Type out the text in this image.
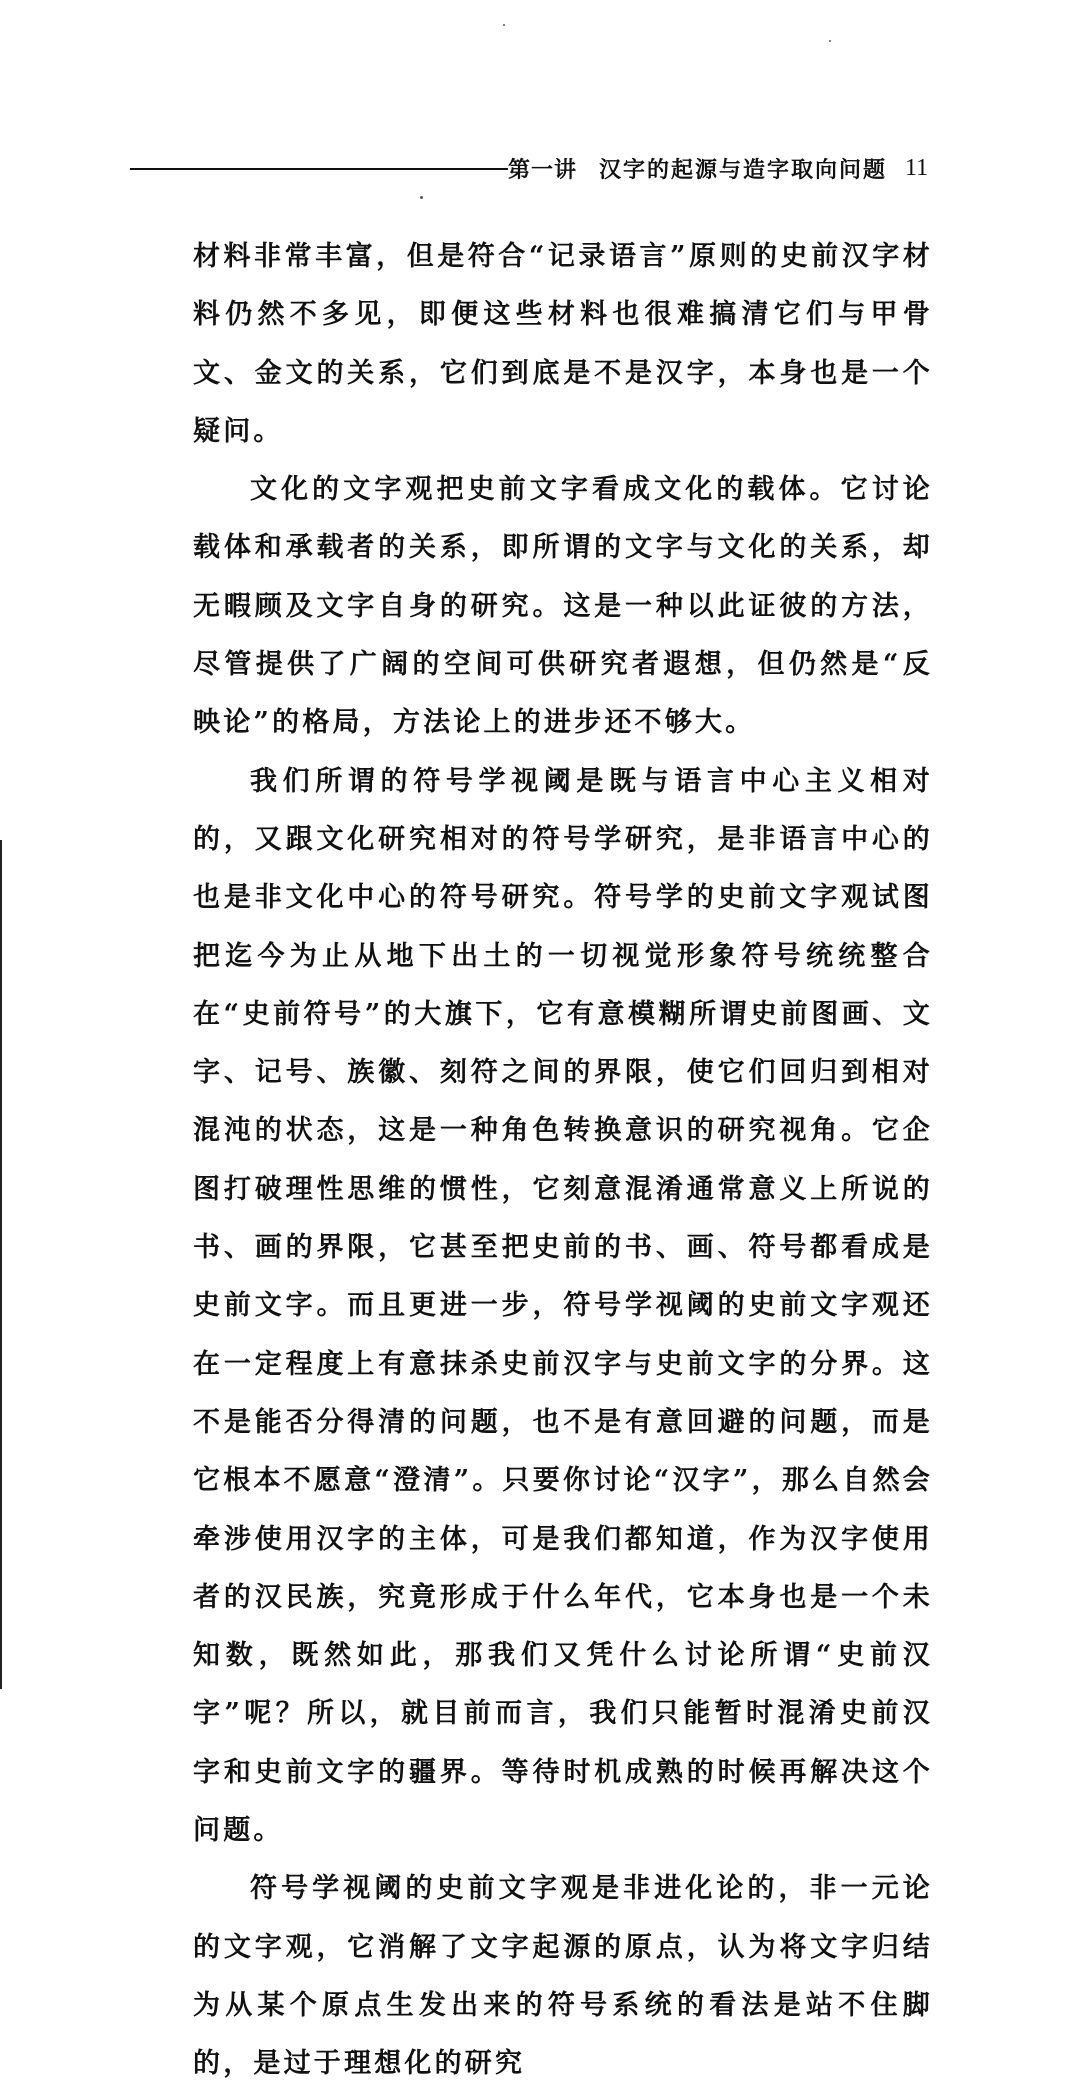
第一讲 汉字的起源与造字取向问题 11

材料非常丰富，但是符合“记录语言”原则的史前汉字材料仍然不多见，即便这些材料也很难搞清它们与甲骨文、金文的关系，它们到底是不是汉字，本身也是一个疑问。

文化的文字观把史前文字看成文化的载体。它讨论载体和承载者的关系，即所谓的文字与文化的关系，却无暇顾及文字自身的研究。这是一种以此证彼的方法，尽管提供了广阔的空间可供研究者遐想，但仍然是“反映论”的格局，方法论上的进步还不够大。

我们所谓的符号学视阈是既与语言中心主义相对的，又跟文化研究相对的符号学研究，是非语言中心的也是非文化中心的符号研究。符号学的史前文字观试图把迄今为止从地下出土的一切视觉形象符号统统整合在“史前符号”的大旗下，它有意模糊所谓史前图画、文字、记号、族徽、刻符之间的界限，使它们回归到相对混沌的状态，这是一种角色转换意识的研究视角。它企图打破理性思维的惯性，它刻意混淆通常意义上所说的书、画的界限，它甚至把史前的书、画、符号都看成是史前文字。而且更进一步，符号学视阈的史前文字观还在一定程度上有意抹杀史前汉字与史前文字的分界。这不是能否分得清的问题，也不是有意回避的问题，而是它根本不愿意“澄清”。只要你讨论“汉字”，那么自然会牵涉使用汉字的主体，可是我们都知道，作为汉字使用者的汉民族，究竟形成于什么年代，它本身也是一个未知数，既然如此，那我们又凭什么讨论所谓“史前汉字”呢？所以，就目前而言，我们只能暂时混淆史前汉字和史前文字的疆界。等待时机成熟的时候再解决这个问题。

符号学视阈的史前文字观是非进化论的，非一元论的文字观，它消解了文字起源的原点，认为将文字归结为从某个原点生发出来的符号系统的看法是站不住脚的，是过于理想化的研究
